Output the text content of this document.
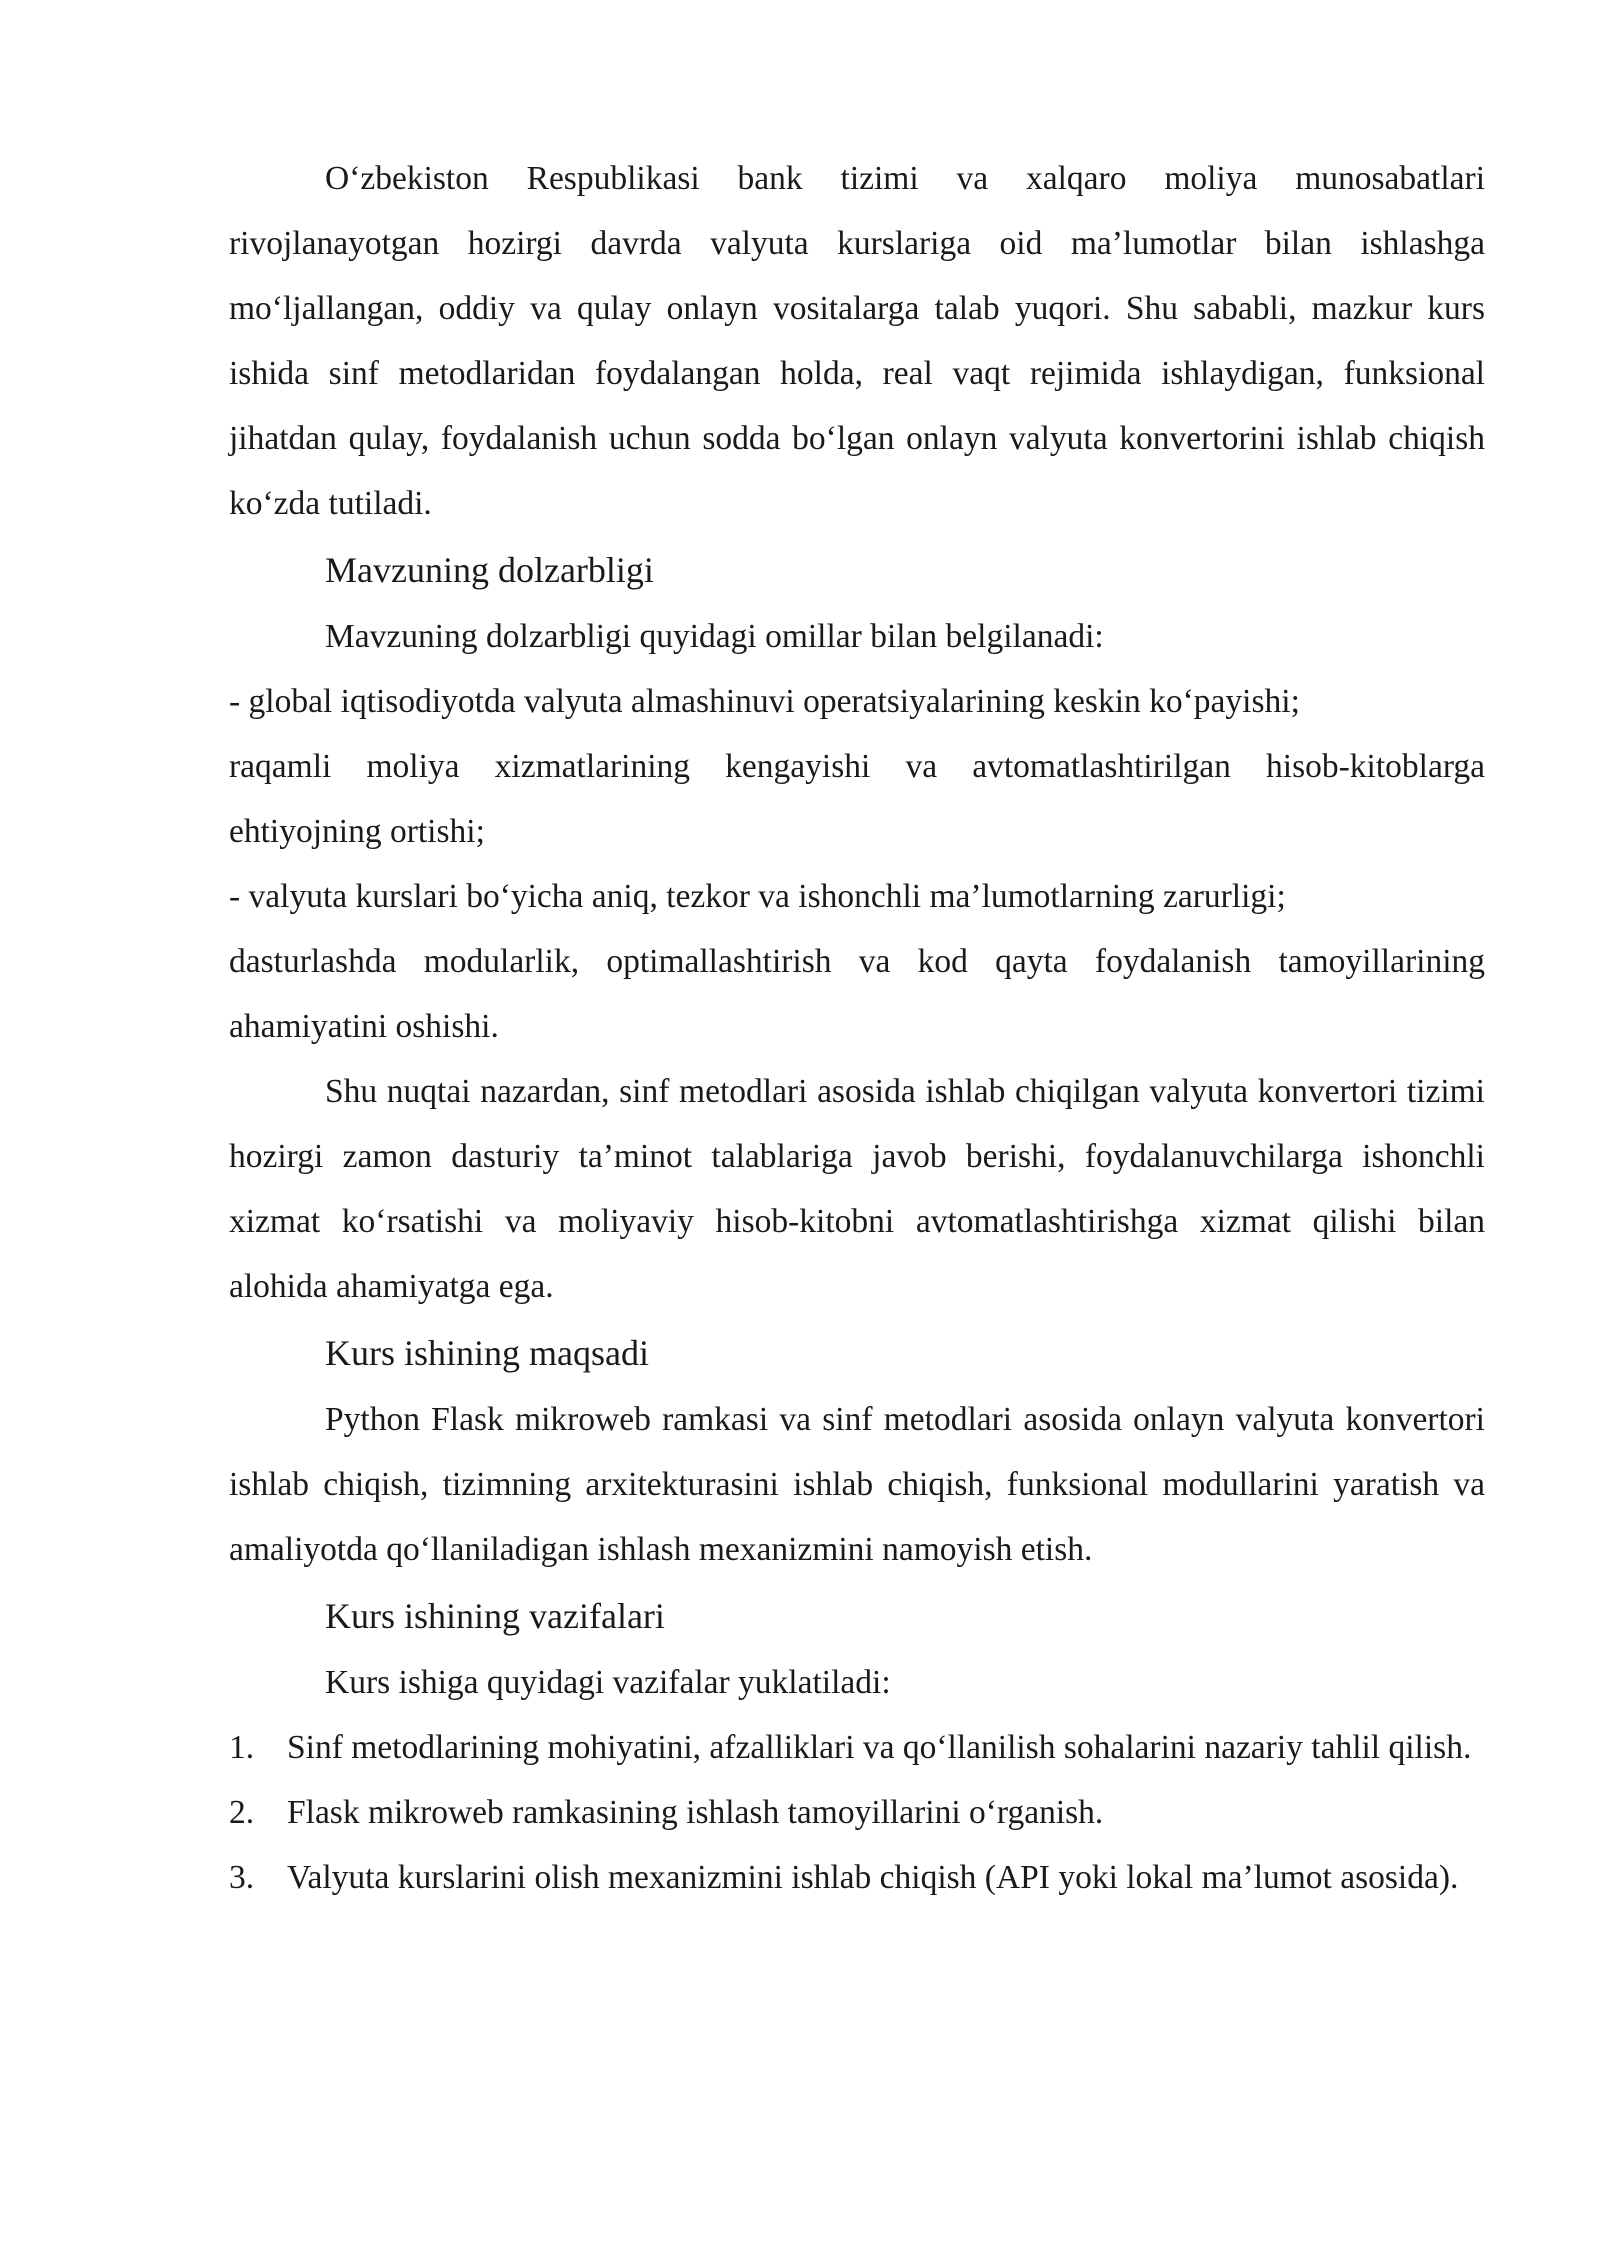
O‘zbekiston Respublikasi bank tizimi va xalqaro moliya munosabatlari rivojlanayotgan hozirgi davrda valyuta kurslariga oid ma’lumotlar bilan ishlashga mo‘ljallangan, oddiy va qulay onlayn vositalarga talab yuqori. Shu sababli, mazkur kurs ishida sinf metodlaridan foydalangan holda, real vaqt rejimida ishlaydigan, funksional jihatdan qulay, foydalanish uchun sodda bo‘lgan onlayn valyuta konvertorini ishlab chiqish ko‘zda tutiladi.

Mavzuning dolzarbligi

Mavzuning dolzarbligi quyidagi omillar bilan belgilanadi:

- global iqtisodiyotda valyuta almashinuvi operatsiyalarining keskin ko‘payishi;

raqamli moliya xizmatlarining kengayishi va avtomatlashtirilgan hisob-kitoblarga ehtiyojning ortishi;

- valyuta kurslari bo‘yicha aniq, tezkor va ishonchli ma’lumotlarning zarurligi;

dasturlashda modularlik, optimallashtirish va kod qayta foydalanish tamoyillarining ahamiyatini oshishi.

Shu nuqtai nazardan, sinf metodlari asosida ishlab chiqilgan valyuta konvertori tizimi hozirgi zamon dasturiy ta’minot talablariga javob berishi, foydalanuvchilarga ishonchli xizmat ko‘rsatishi va moliyaviy hisob-kitobni avtomatlashtirishga xizmat qilishi bilan alohida ahamiyatga ega.

Kurs ishining maqsadi

Python Flask mikroweb ramkasi va sinf metodlari asosida onlayn valyuta konvertori ishlab chiqish, tizimning arxitekturasini ishlab chiqish, funksional modullarini yaratish va amaliyotda qo‘llaniladigan ishlash mexanizmini namoyish etish.

Kurs ishining vazifalari

Kurs ishiga quyidagi vazifalar yuklatiladi:

1. Sinf metodlarining mohiyatini, afzalliklari va qo‘llanilish sohalarini nazariy tahlil qilish.
2. Flask mikroweb ramkasining ishlash tamoyillarini o‘rganish.
3. Valyuta kurslarini olish mexanizmini ishlab chiqish (API yoki lokal ma’lumot asosida).
